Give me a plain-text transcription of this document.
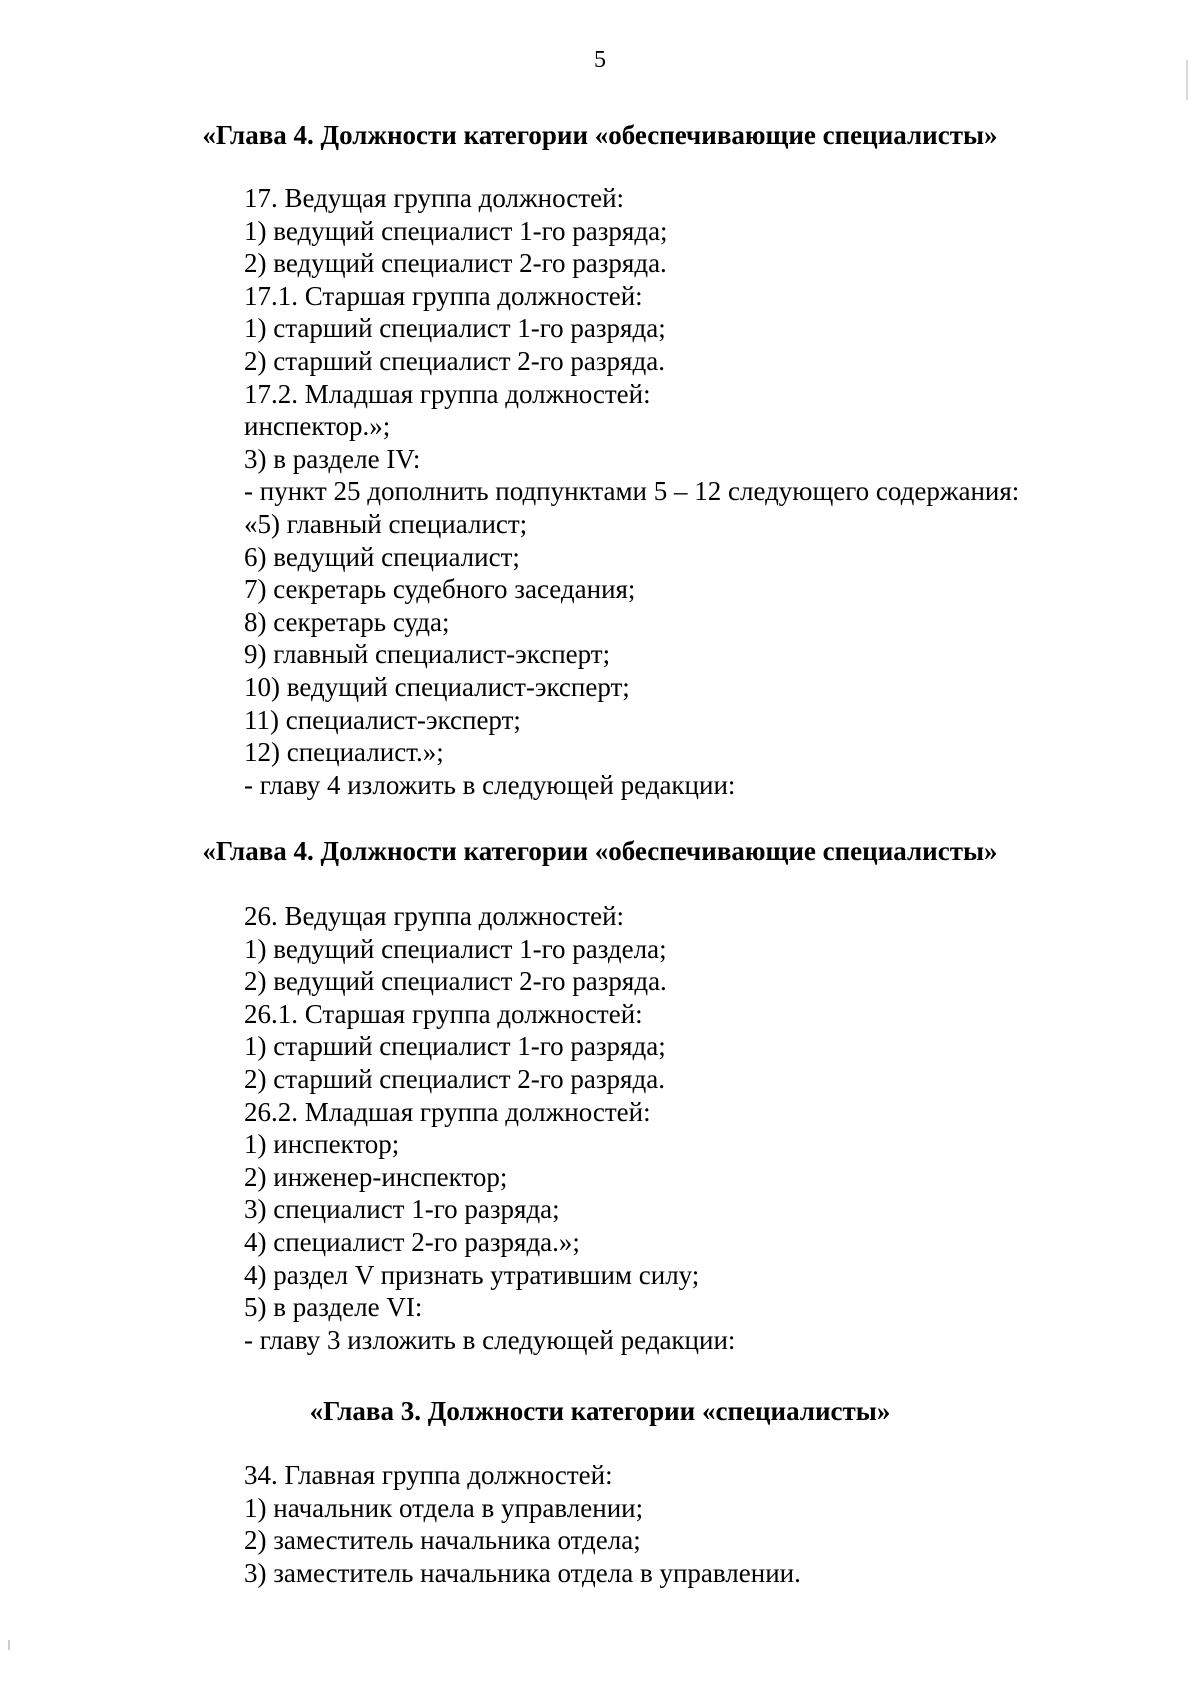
5
«Глава 4. Должности категории «обеспечивающие специалисты»
17. Ведущая группа должностей:
1) ведущий специалист 1-го разряда;
2) ведущий специалист 2-го разряда.
17.1. Старшая группа должностей:
1) старший специалист 1-го разряда;
2) старший специалист 2-го разряда.
17.2. Младшая группа должностей:
инспектор.»;
3) в разделе IV:
- пункт 25 дополнить подпунктами 5 – 12 следующего содержания:
«5) главный специалист;
6) ведущий специалист;
7) секретарь судебного заседания;
8) секретарь суда;
9) главный специалист-эксперт;
10) ведущий специалист-эксперт;
11) специалист-эксперт;
12) специалист.»;
- главу 4 изложить в следующей редакции:
«Глава 4. Должности категории «обеспечивающие специалисты»
26. Ведущая группа должностей:
1) ведущий специалист 1-го раздела;
2) ведущий специалист 2-го разряда.
26.1. Старшая группа должностей:
1) старший специалист 1-го разряда;
2) старший специалист 2-го разряда.
26.2. Младшая группа должностей:
1) инспектор;
2) инженер-инспектор;
3) специалист 1-го разряда;
4) специалист 2-го разряда.»;
4) раздел V признать утратившим силу;
5) в разделе VI:
- главу 3 изложить в следующей редакции:
«Глава 3. Должности категории «специалисты»
34. Главная группа должностей:
1) начальник отдела в управлении;
2) заместитель начальника отдела;
3) заместитель начальника отдела в управлении.
